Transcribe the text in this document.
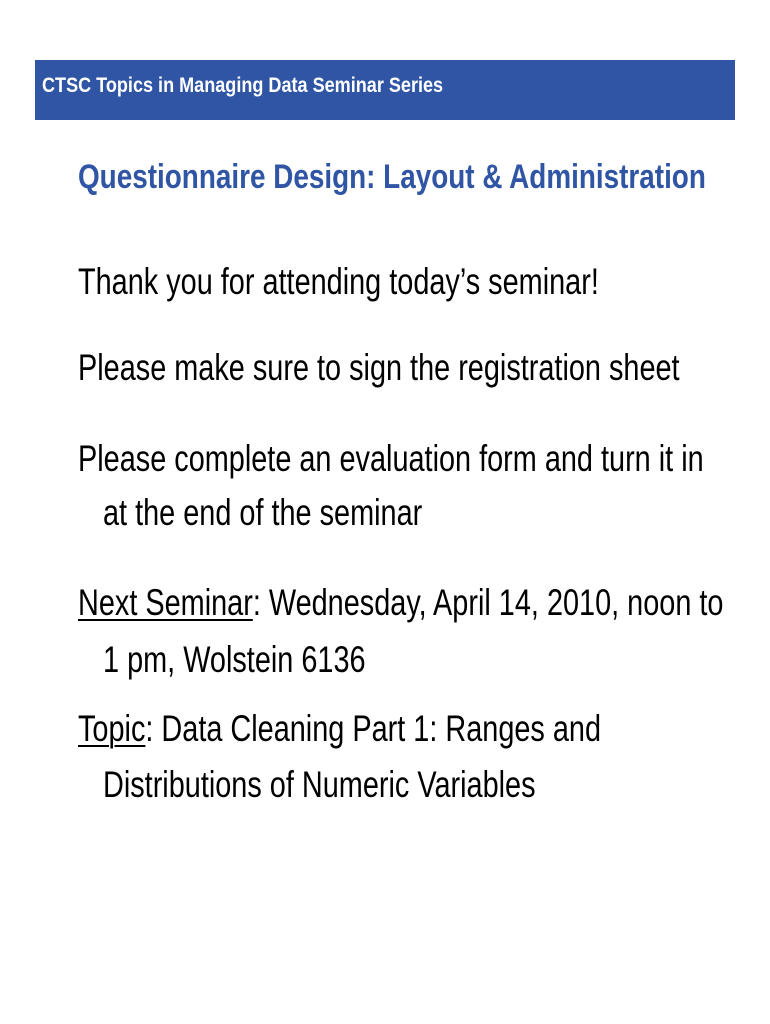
CTSC Topics in Managing Data Seminar Series
Questionnaire Design: Layout & Administration
Thank you for attending today’s seminar!
Please make sure to sign the registration sheet
Please complete an evaluation form and turn it in
at the end of the seminar
Next Seminar: Wednesday, April 14, 2010, noon to
1 pm, Wolstein 6136
Topic: Data Cleaning Part 1: Ranges and
Distributions of Numeric Variables
